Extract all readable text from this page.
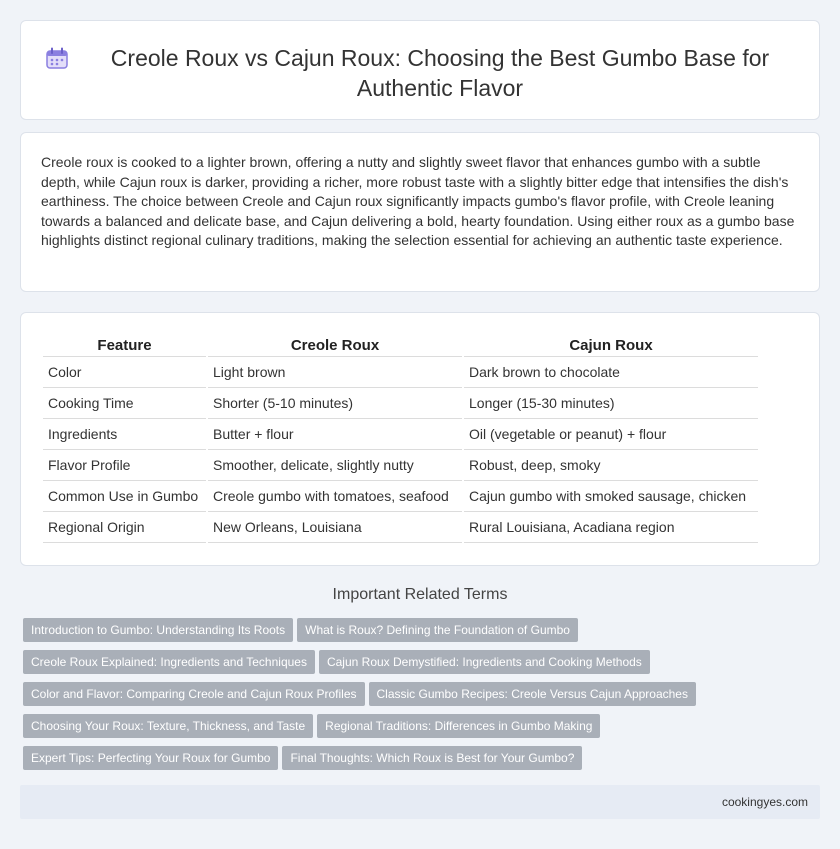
Creole Roux vs Cajun Roux: Choosing the Best Gumbo Base for Authentic Flavor

Creole roux is cooked to a lighter brown, offering a nutty and slightly sweet flavor that enhances gumbo with a subtle depth, while Cajun roux is darker, providing a richer, more robust taste with a slightly bitter edge that intensifies the dish's earthiness. The choice between Creole and Cajun roux significantly impacts gumbo's flavor profile, with Creole leaning towards a balanced and delicate base, and Cajun delivering a bold, hearty foundation. Using either roux as a gumbo base highlights distinct regional culinary traditions, making the selection essential for achieving an authentic taste experience.

Feature	Creole Roux	Cajun Roux
Color	Light brown	Dark brown to chocolate
Cooking Time	Shorter (5-10 minutes)	Longer (15-30 minutes)
Ingredients	Butter + flour	Oil (vegetable or peanut) + flour
Flavor Profile	Smoother, delicate, slightly nutty	Robust, deep, smoky
Common Use in Gumbo	Creole gumbo with tomatoes, seafood	Cajun gumbo with smoked sausage, chicken
Regional Origin	New Orleans, Louisiana	Rural Louisiana, Acadiana region
Important Related Terms
Introduction to Gumbo: Understanding Its Roots What is Roux? Defining the Foundation of Gumbo
Creole Roux Explained: Ingredients and Techniques Cajun Roux Demystified: Ingredients and Cooking Methods
Color and Flavor: Comparing Creole and Cajun Roux Profiles Classic Gumbo Recipes: Creole Versus Cajun Approaches
Choosing Your Roux: Texture, Thickness, and Taste Regional Traditions: Differences in Gumbo Making
Expert Tips: Perfecting Your Roux for Gumbo Final Thoughts: Which Roux is Best for Your Gumbo?
cookingyes.com
